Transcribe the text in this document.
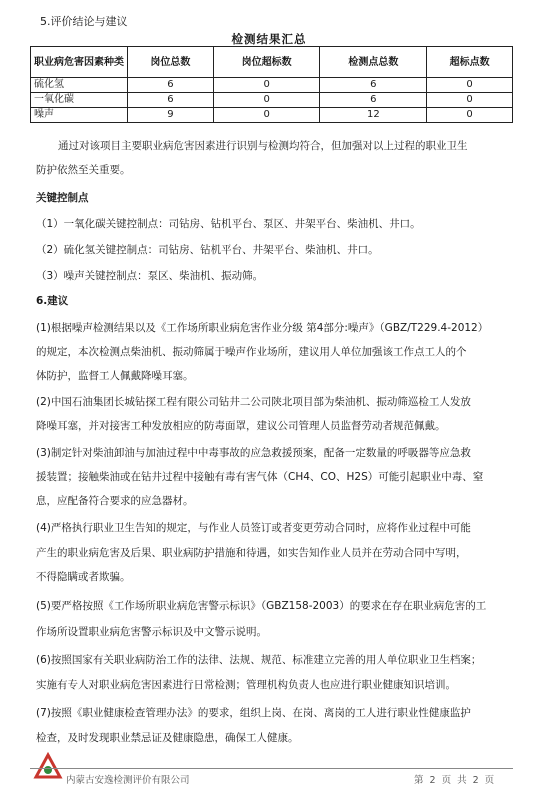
5.评价结论与建议
检测结果汇总
职业病危害因素种类	岗位总数	岗位超标数	检测点总数	超标点数
硫化氢	6	0	6	0
一氧化碳	6	0	6	0
噪声	9	0	12	0
通过对该项目主要职业病危害因素进行识别与检测均符合，但加强对以上过程的职业卫生
防护依然至关重要。
关键控制点
（1）一氧化碳关键控制点：司钻房、钻机平台、泵区、井架平台、柴油机、井口。
（2）硫化氢关键控制点：司钻房、钻机平台、井架平台、柴油机、井口。
（3）噪声关键控制点：泵区、柴油机、振动筛。
6.建议
(1)根据噪声检测结果以及《工作场所职业病危害作业分级 第4部分:噪声》（GBZ/T229.4-2012）
的规定，本次检测点柴油机、振动筛属于噪声作业场所，建议用人单位加强该工作点工人的个
体防护，监督工人佩戴降噪耳塞。
(2)中国石油集团长城钻探工程有限公司钻井二公司陕北项目部为柴油机、振动筛巡检工人发放
降噪耳塞，并对接害工种发放相应的防毒面罩，建议公司管理人员监督劳动者规范佩戴。
(3)制定针对柴油卸油与加油过程中中毒事故的应急救援预案，配备一定数量的呼吸器等应急救
援装置；接触柴油或在钻井过程中接触有毒有害气体（CH4、CO、H2S）可能引起职业中毒、窒
息，应配备符合要求的应急器材。
(4)严格执行职业卫生告知的规定，与作业人员签订或者变更劳动合同时，应将作业过程中可能
产生的职业病危害及后果、职业病防护措施和待遇，如实告知作业人员并在劳动合同中写明，
不得隐瞒或者欺骗。
(5)要严格按照《工作场所职业病危害警示标识》（GBZ158-2003）的要求在存在职业病危害的工
作场所设置职业病危害警示标识及中文警示说明。
(6)按照国家有关职业病防治工作的法律、法规、规范、标准建立完善的用人单位职业卫生档案；
实施有专人对职业病危害因素进行日常检测；管理机构负责人也应进行职业健康知识培训。
(7)按照《职业健康检查管理办法》的要求，组织上岗、在岗、离岗的工人进行职业性健康监护
检查，及时发现职业禁忌证及健康隐患，确保工人健康。
内蒙古安逸检测评价有限公司	第 2 页 共 2 页
